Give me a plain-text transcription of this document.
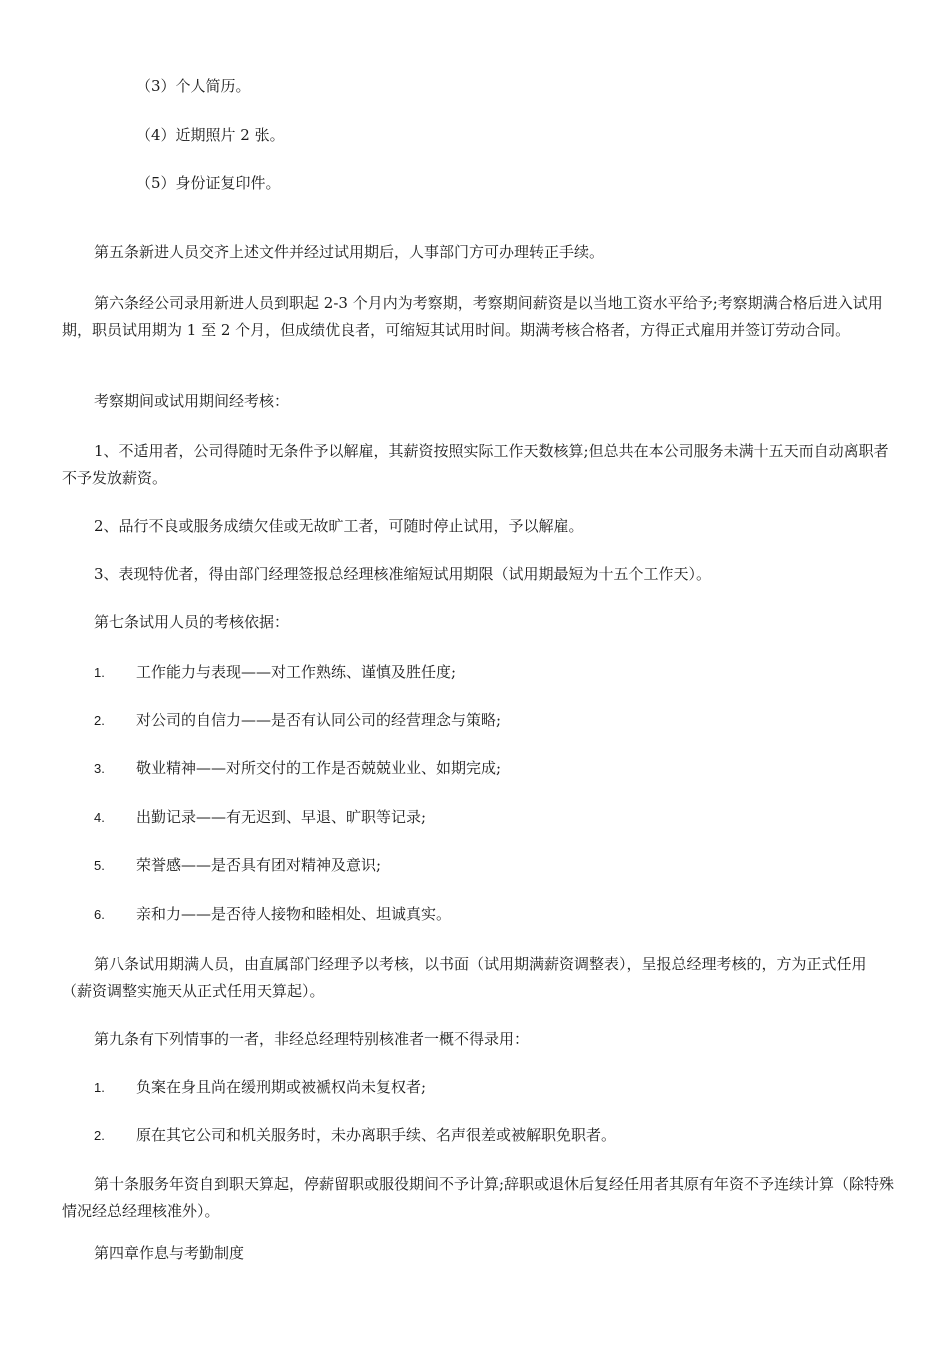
（3）个人简历。
（4）近期照片 2 张。
（5）身份证复印件。
第五条新进人员交齐上述文件并经过试用期后，人事部门方可办理转正手续。
第六条经公司录用新进人员到职起 2-3 个月内为考察期，考察期间薪资是以当地工资水平给予;考察期满合格后进入试用期，职员试用期为 1 至 2 个月，但成绩优良者，可缩短其试用时间。期满考核合格者，方得正式雇用并签订劳动合同。
考察期间或试用期间经考核：
1、不适用者，公司得随时无条件予以解雇，其薪资按照实际工作天数核算;但总共在本公司服务未满十五天而自动离职者不予发放薪资。
2、品行不良或服务成绩欠佳或无故旷工者，可随时停止试用，予以解雇。
3、表现特优者，得由部门经理签报总经理核准缩短试用期限（试用期最短为十五个工作天）。
第七条试用人员的考核依据：
1. 工作能力与表现——对工作熟练、谨慎及胜任度;
2. 对公司的自信力——是否有认同公司的经营理念与策略;
3. 敬业精神——对所交付的工作是否兢兢业业、如期完成;
4. 出勤记录——有无迟到、早退、旷职等记录;
5. 荣誉感——是否具有团对精神及意识;
6. 亲和力——是否待人接物和睦相处、坦诚真实。
第八条试用期满人员，由直属部门经理予以考核，以书面（试用期满薪资调整表），呈报总经理考核的，方为正式任用（薪资调整实施天从正式任用天算起）。
第九条有下列情事的一者，非经总经理特别核准者一概不得录用：
1. 负案在身且尚在缓刑期或被褫权尚未复权者;
2. 原在其它公司和机关服务时，未办离职手续、名声很差或被解职免职者。
第十条服务年资自到职天算起，停薪留职或服役期间不予计算;辞职或退休后复经任用者其原有年资不予连续计算（除特殊情况经总经理核准外）。
第四章作息与考勤制度
